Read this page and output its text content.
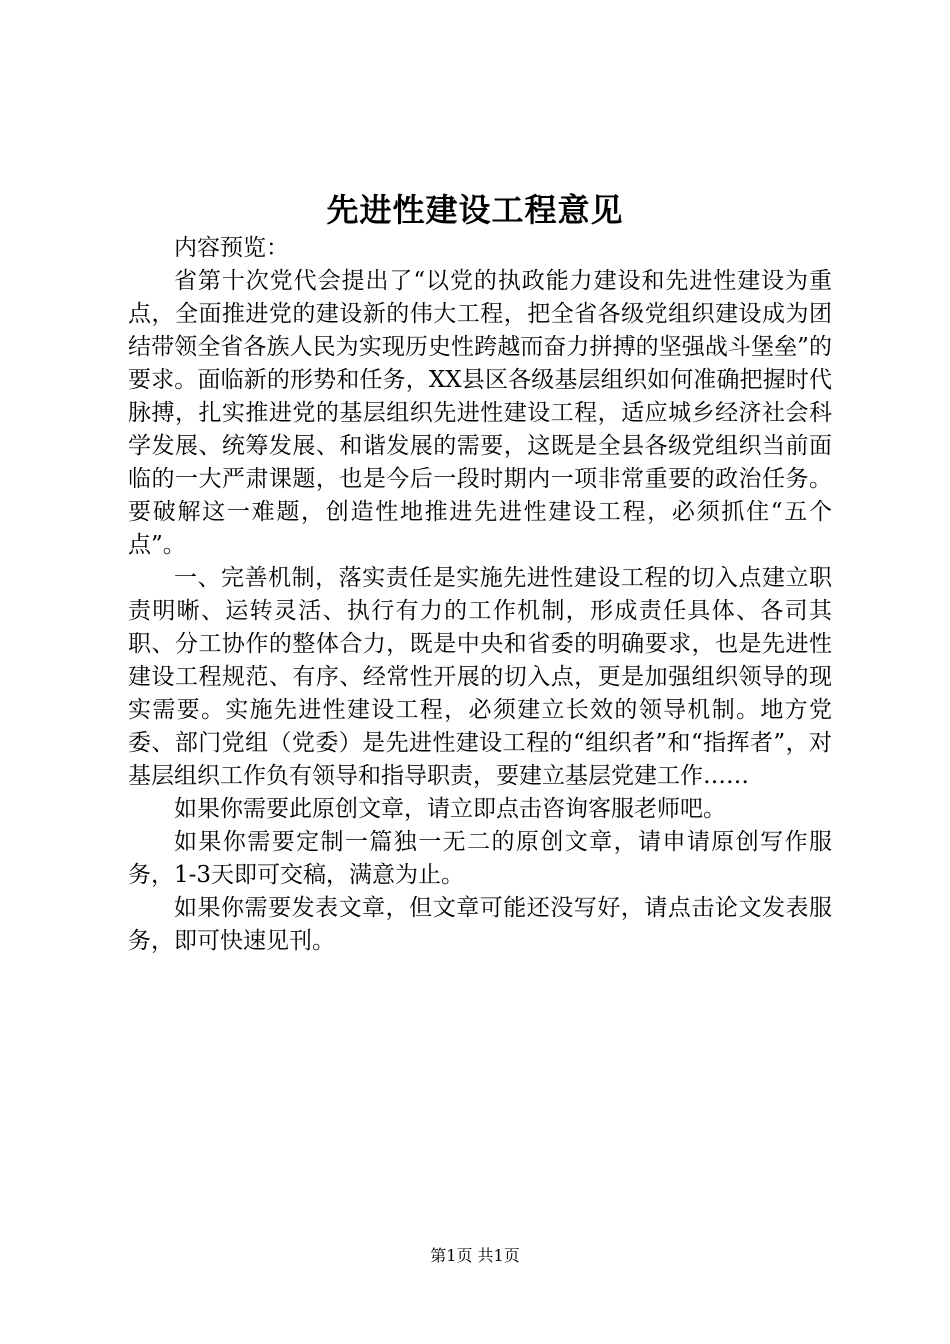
先进性建设工程意见

内容预览：

省第十次党代会提出了“以党的执政能力建设和先进性建设为重点，全面推进党的建设新的伟大工程，把全省各级党组织建设成为团结带领全省各族人民为实现历史性跨越而奋力拼搏的坚强战斗堡垒”的要求。面临新的形势和任务，XX县区各级基层组织如何准确把握时代脉搏，扎实推进党的基层组织先进性建设工程，适应城乡经济社会科学发展、统筹发展、和谐发展的需要，这既是全县各级党组织当前面临的一大严肃课题，也是今后一段时期内一项非常重要的政治任务。要破解这一难题，创造性地推进先进性建设工程，必须抓住“五个点”。

一、完善机制，落实责任是实施先进性建设工程的切入点建立职责明晰、运转灵活、执行有力的工作机制，形成责任具体、各司其职、分工协作的整体合力，既是中央和省委的明确要求，也是先进性建设工程规范、有序、经常性开展的切入点，更是加强组织领导的现实需要。实施先进性建设工程，必须建立长效的领导机制。地方党委、部门党组（党委）是先进性建设工程的“组织者”和“指挥者”，对基层组织工作负有领导和指导职责，要建立基层党建工作……

如果你需要此原创文章，请立即点击咨询客服老师吧。

如果你需要定制一篇独一无二的原创文章，请申请原创写作服务，1-3天即可交稿，满意为止。

如果你需要发表文章，但文章可能还没写好，请点击论文发表服务，即可快速见刊。

第1页 共1页
